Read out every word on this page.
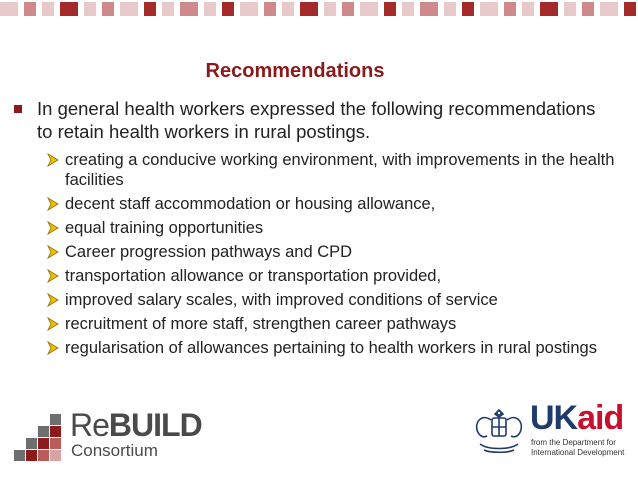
Recommendations
In general health workers expressed the following recommendations to retain health workers in rural postings.
creating a conducive working environment, with improvements in the health facilities
decent staff accommodation or housing allowance,
equal training opportunities
Career progression pathways and CPD
transportation allowance or transportation provided,
improved salary scales, with improved conditions of service
recruitment of more staff, strengthen career pathways
regularisation of allowances pertaining to health workers in rural postings
ReBUILD
Consortium
UKaid
from the Department for
International Development
